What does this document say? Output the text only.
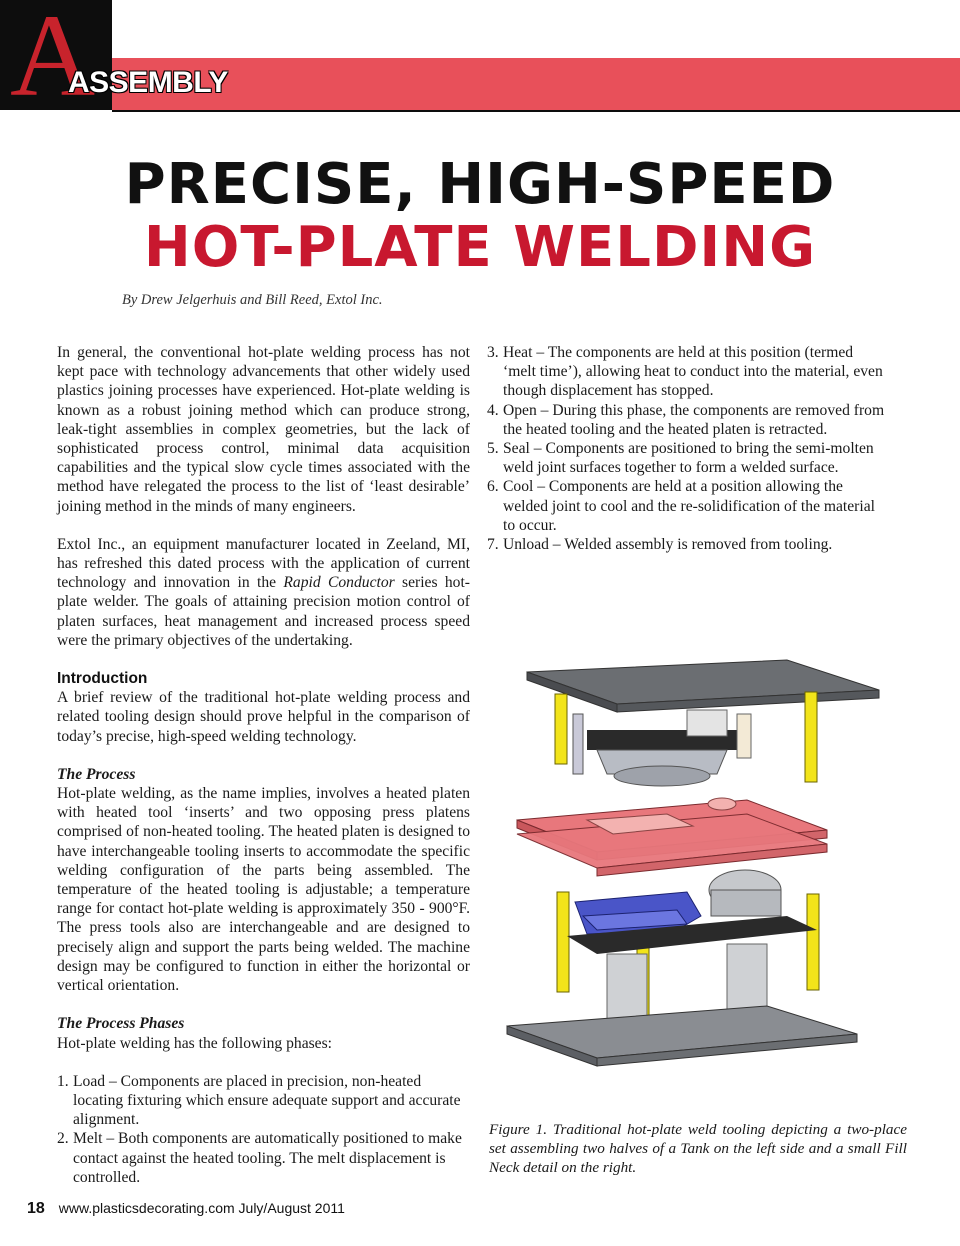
A
ASSEMBLY
PRECISE, HIGH-SPEED
HOT-PLATE WELDING
By Drew Jelgerhuis and Bill Reed, Extol Inc.

In general, the conventional hot-plate welding process has not kept pace with technology advancements that other widely used plastics joining processes have experienced. Hot-plate welding is known as a robust joining method which can produce strong, leak-tight assemblies in complex geometries, but the lack of sophisticated process control, minimal data acquisition capabilities and the typical slow cycle times associated with the method have relegated the process to the list of ‘least desirable’ joining method in the minds of many engineers.

Extol Inc., an equipment manufacturer located in Zeeland, MI, has refreshed this dated process with the application of current technology and innovation in the Rapid Conductor series hot-plate welder. The goals of attaining precision motion control of platen surfaces, heat management and increased process speed were the primary objectives of the undertaking.

Introduction

A brief review of the traditional hot-plate welding process and related tooling design should prove helpful in the comparison of today’s precise, high-speed welding technology.

The Process

Hot-plate welding, as the name implies, involves a heated platen with heated tool ‘inserts’ and two opposing press platens comprised of non-heated tooling. The heated platen is designed to have interchangeable tooling inserts to accommodate the specific welding configuration of the parts being assembled. The temperature of the heated tooling is adjustable; a temperature range for contact hot-plate welding is approximately 350 - 900°F. The press tools also are interchangeable and are designed to precisely align and support the parts being welded. The machine design may be configured to function in either the horizontal or vertical orientation.

The Process Phases

Hot-plate welding has the following phases:

1. Load – Components are placed in precision, non-heated locating fixturing which ensure adequate support and accurate alignment.
2. Melt – Both components are automatically positioned to make contact against the heated tooling. The melt displacement is controlled.
3. Heat – The components are held at this position (termed ‘melt time’), allowing heat to conduct into the material, even though displacement has stopped.
4. Open – During this phase, the components are removed from the heated tooling and the heated platen is retracted.
5. Seal – Components are positioned to bring the semi-molten weld joint surfaces together to form a welded surface.
6. Cool – Components are held at a position allowing the welded joint to cool and the re-solidification of the material to occur.
7. Unload – Welded assembly is removed from tooling.
Figure 1. Traditional hot-plate weld tooling depicting a two-place set assembling two halves of a Tank on the left side and a small Fill Neck detail on the right.
18 www.plasticsdecorating.com July/August 2011
